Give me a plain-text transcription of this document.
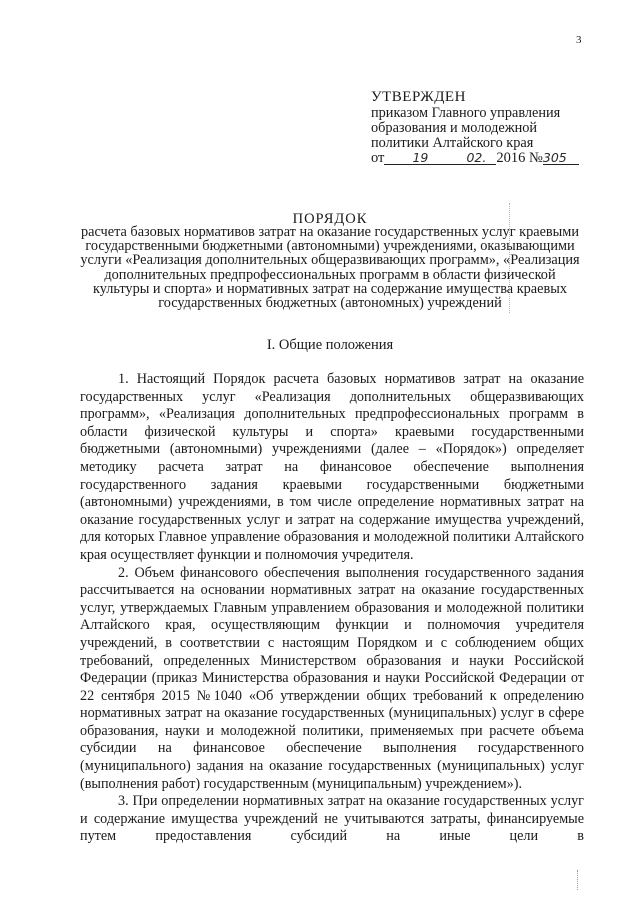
3
УТВЕРЖДЕН
приказом Главного управления
образования и молодежной
политики Алтайского края
от 19	02. 2016 №305
ПОРЯДОК
расчета базовых нормативов затрат на оказание государственных услуг краевыми государственными бюджетными (автономными) учреждениями, оказывающими услуги «Реализация дополнительных общеразвивающих программ», «Реализация дополнительных предпрофессиональных программ в области физической культуры и спорта» и нормативных затрат на содержание имущества краевых государственных бюджетных (автономных) учреждений
I. Общие положения

1. Настоящий Порядок расчета базовых нормативов затрат на оказание государственных услуг «Реализация дополнительных общеразвивающих программ», «Реализация дополнительных предпрофессиональных программ в области физической культуры и спорта» краевыми государственными бюджетными (автономными) учреждениями (далее – «Порядок») определяет методику расчета затрат на финансовое обеспечение выполнения государственного задания краевыми государственными бюджетными (автономными) учреждениями, в том числе определение нормативных затрат на оказание государственных услуг и затрат на содержание имущества учреждений, для которых Главное управление образования и молодежной политики Алтайского края осуществляет функции и полномочия учредителя.

2. Объем финансового обеспечения выполнения государственного задания рассчитывается на основании нормативных затрат на оказание государственных услуг, утверждаемых Главным управлением образования и молодежной политики Алтайского края, осуществляющим функции и полномочия учредителя учреждений, в соответствии с настоящим Порядком и с соблюдением общих требований, определенных Министерством образования и науки Российской Федерации (приказ Министерства образования и науки Российской Федерации от 22 сентября 2015 №1040 «Об утверждении общих требований к определению нормативных затрат на оказание государственных (муниципальных) услуг в сфере образования, науки и молодежной политики, применяемых при расчете объема субсидии на финансовое обеспечение выполнения государственного (муниципального) задания на оказание государственных (муниципальных) услуг (выполнения работ) государственным (муниципальным) учреждением»).

3. При определении нормативных затрат на оказание государственных услуг и содержание имущества учреждений не учитываются затраты, финансируемые путем предоставления субсидий на иные цели в
